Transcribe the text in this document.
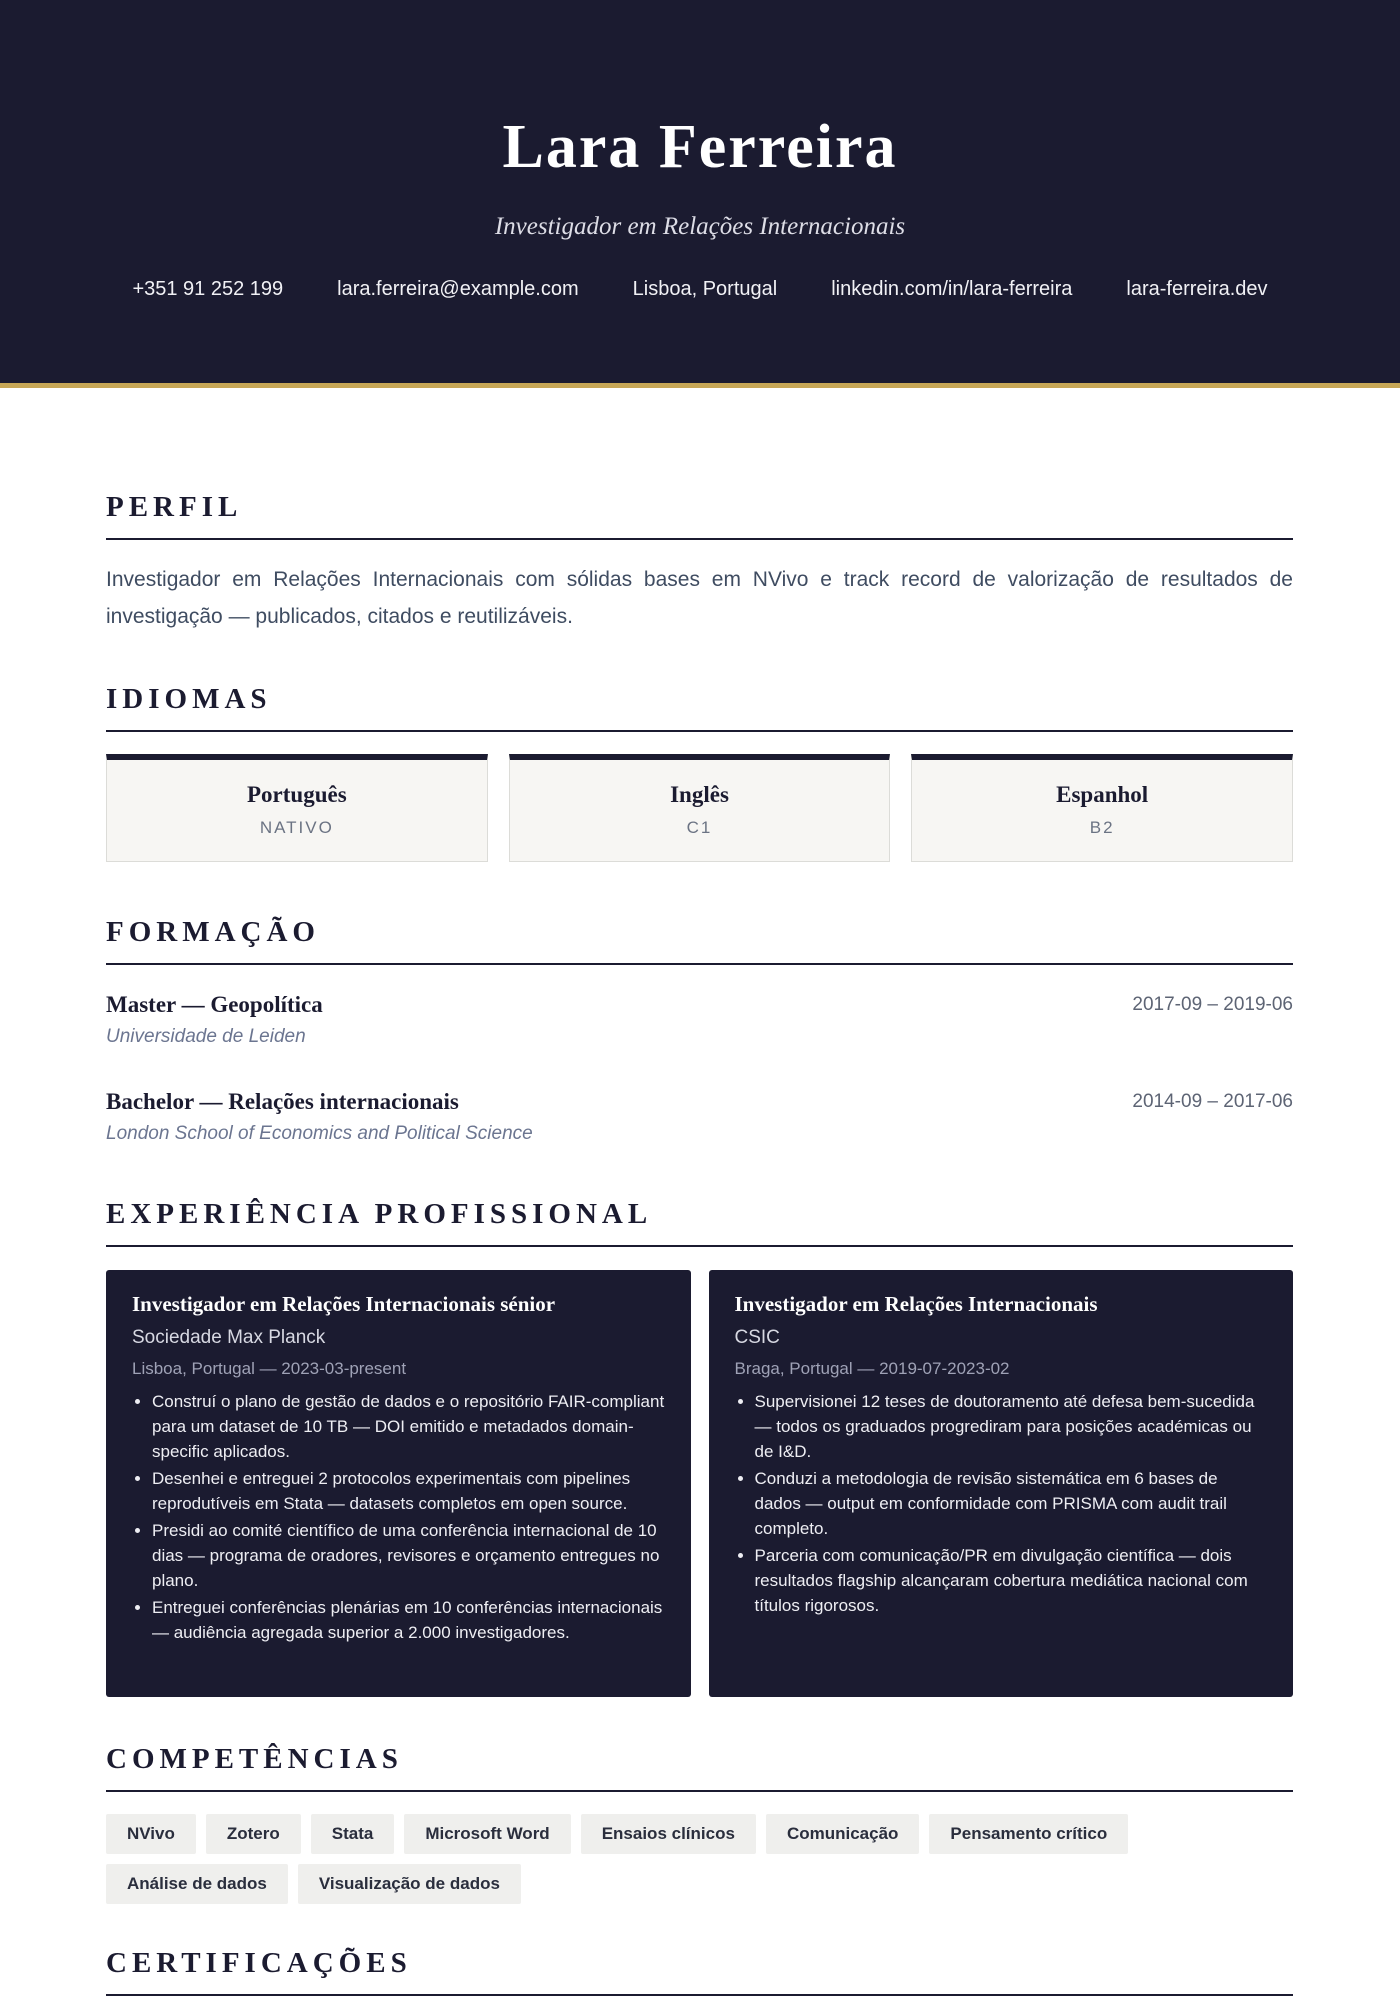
Lara Ferreira
Investigador em Relações Internacionais
+351 91 252 199	lara.ferreira@example.com	Lisboa, Portugal	linkedin.com/in/lara-ferreira	lara-ferreira.dev
PERFIL
Investigador em Relações Internacionais com sólidas bases em NVivo e track record de valorização de resultados de investigação — publicados, citados e reutilizáveis.
IDIOMAS
Português
NATIVO
Inglês
C1
Espanhol
B2
FORMAÇÃO
Master — Geopolítica
Universidade de Leiden
2017-09 – 2019-06
Bachelor — Relações internacionais
London School of Economics and Political Science
2014-09 – 2017-06
EXPERIÊNCIA PROFISSIONAL
Investigador em Relações Internacionais sénior
Sociedade Max Planck
Lisboa, Portugal — 2023-03-present
• Construí o plano de gestão de dados e o repositório FAIR-compliant para um dataset de 10 TB — DOI emitido e metadados domain-specific aplicados.
• Desenhei e entreguei 2 protocolos experimentais com pipelines reprodutíveis em Stata — datasets completos em open source.
• Presidi ao comité científico de uma conferência internacional de 10 dias — programa de oradores, revisores e orçamento entregues no plano.
• Entreguei conferências plenárias em 10 conferências internacionais — audiência agregada superior a 2.000 investigadores.
Investigador em Relações Internacionais
CSIC
Braga, Portugal — 2019-07-2023-02
• Supervisionei 12 teses de doutoramento até defesa bem-sucedida — todos os graduados progrediram para posições académicas ou de I&D.
• Conduzi a metodologia de revisão sistemática em 6 bases de dados — output em conformidade com PRISMA com audit trail completo.
• Parceria com comunicação/PR em divulgação científica — dois resultados flagship alcançaram cobertura mediática nacional com títulos rigorosos.
COMPETÊNCIAS
NVivo	Zotero	Stata	Microsoft Word	Ensaios clínicos	Comunicação	Pensamento crítico
Análise de dados	Visualização de dados
CERTIFICAÇÕES
